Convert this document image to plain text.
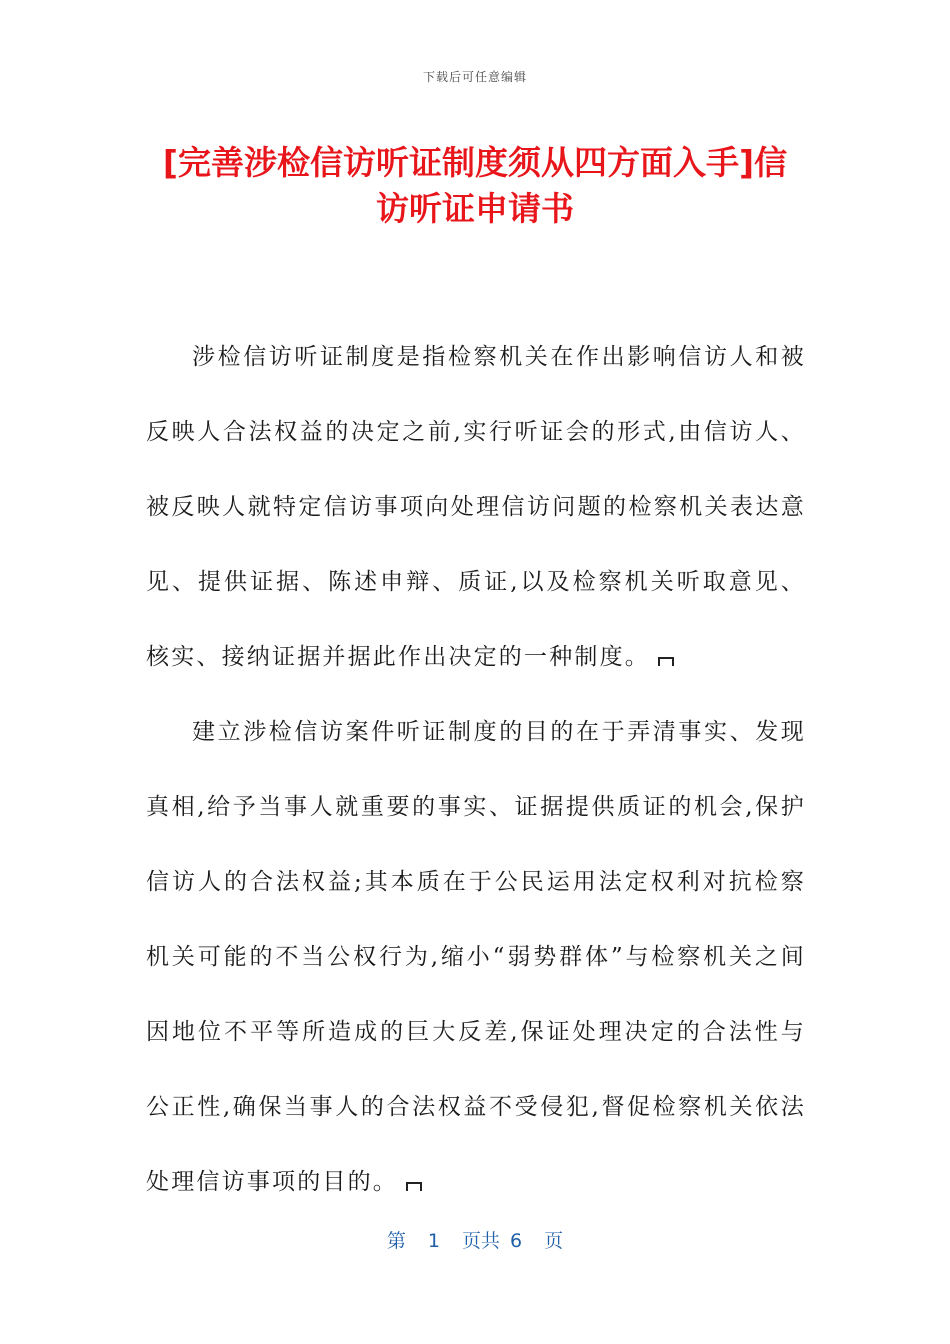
下载后可任意编辑
[完善涉检信访听证制度须从四方面入手]信访听证申请书

涉检信访听证制度是指检察机关在作出影响信访人和被反映人合法权益的决定之前,实行听证会的形式,由信访人、被反映人就特定信访事项向处理信访问题的检察机关表达意见、提供证据、陈述申辩、质证,以及检察机关听取意见、核实、接纳证据并据此作出决定的一种制度。

建立涉检信访案件听证制度的目的在于弄清事实、发现真相,给予当事人就重要的事实、证据提供质证的机会,保护信访人的合法权益;其本质在于公民运用法定权利对抗检察机关可能的不当公权行为,缩小“弱势群体”与检察机关之间因地位不平等所造成的巨大反差,保证处理决定的合法性与公正性,确保当事人的合法权益不受侵犯,督促检察机关依法处理信访事项的目的。

第 1 页共 6 页
